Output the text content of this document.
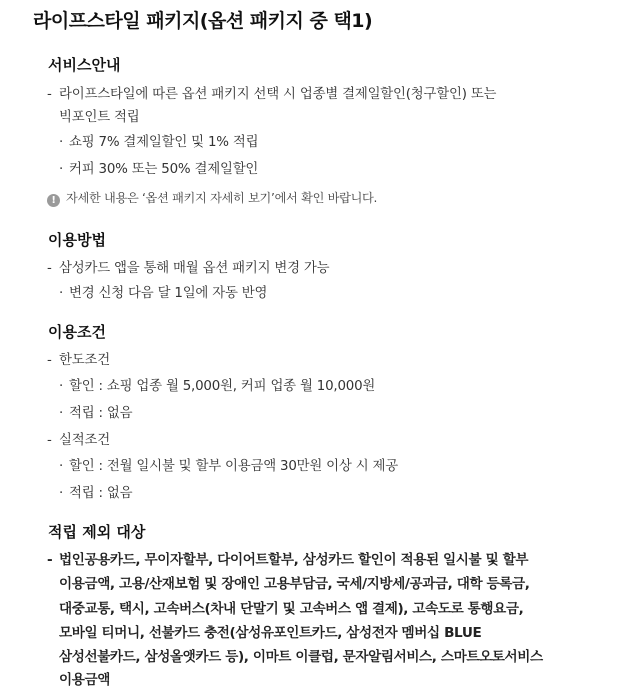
라이프스타일 패키지(옵션 패키지 중 택1)
서비스안내
- 라이프스타일에 따른 옵션 패키지 선택 시 업종별 결제일할인(청구할인) 또는
빅포인트 적립
· 쇼핑 7% 결제일할인 및 1% 적립
· 커피 30% 또는 50% 결제일할인
! 자세한 내용은 ‘옵션 패키지 자세히 보기’에서 확인 바랍니다.
이용방법
- 삼성카드 앱을 통해 매월 옵션 패키지 변경 가능
· 변경 신청 다음 달 1일에 자동 반영
이용조건
- 한도조건
· 할인 : 쇼핑 업종 월 5,000원, 커피 업종 월 10,000원
· 적립 : 없음
- 실적조건
· 할인 : 전월 일시불 및 할부 이용금액 30만원 이상 시 제공
· 적립 : 없음
적립 제외 대상
- 법인공용카드, 무이자할부, 다이어트할부, 삼성카드 할인이 적용된 일시불 및 할부
이용금액, 고용/산재보험 및 장애인 고용부담금, 국세/지방세/공과금, 대학 등록금,
대중교통, 택시, 고속버스(차내 단말기 및 고속버스 앱 결제), 고속도로 통행요금,
모바일 티머니, 선불카드 충전(삼성유포인트카드, 삼성전자 멤버십 BLUE
삼성선불카드, 삼성올앳카드 등), 이마트 이클럽, 문자알림서비스, 스마트오토서비스
이용금액
